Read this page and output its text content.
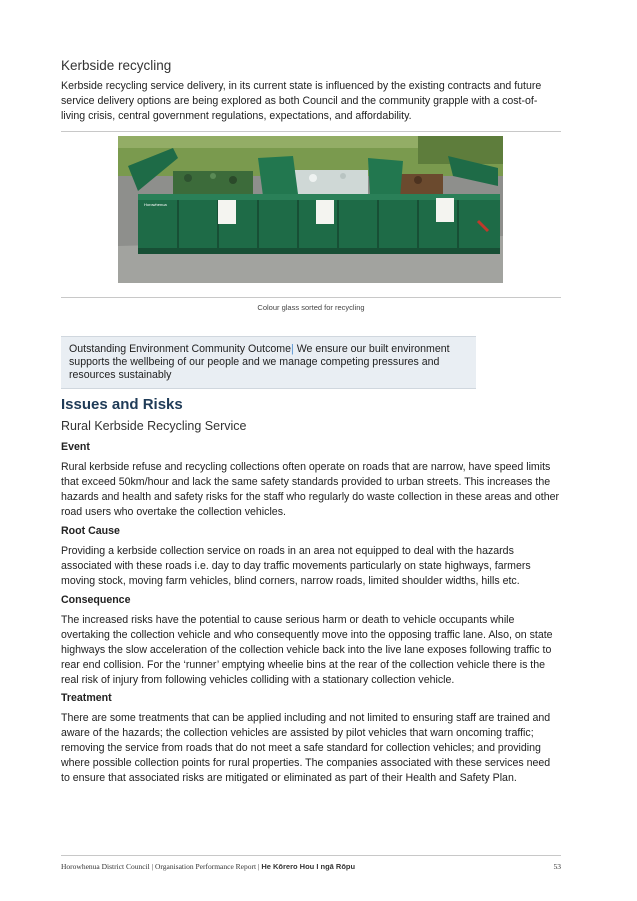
Kerbside recycling

Kerbside recycling service delivery, in its current state is influenced by the existing contracts and future service delivery options are being explored as both Council and the community grapple with a cost-of-living crisis, central government regulations, expectations, and affordability.

Horowhenua
Colour glass sorted for recycling
Outstanding Environment Community Outcome| We ensure our built environment supports the wellbeing of our people and we manage competing pressures and resources sustainably
Issues and Risks
Rural Kerbside Recycling Service
Event

Rural kerbside refuse and recycling collections often operate on roads that are narrow, have speed limits that exceed 50km/hour and lack the same safety standards provided to urban streets. This increases the hazards and health and safety risks for the staff who regularly do waste collection in these areas and other road users who overtake the collection vehicles.

Root Cause

Providing a kerbside collection service on roads in an area not equipped to deal with the hazards associated with these roads i.e. day to day traffic movements particularly on state highways, farmers moving stock, moving farm vehicles, blind corners, narrow roads, limited shoulder widths, hills etc.

Consequence

The increased risks have the potential to cause serious harm or death to vehicle occupants while overtaking the collection vehicle and who consequently move into the opposing traffic lane. Also, on state highways the slow acceleration of the collection vehicle back into the live lane exposes following traffic to rear end collision. For the ‘runner’ emptying wheelie bins at the rear of the collection vehicle there is the real risk of injury from following vehicles colliding with a stationary collection vehicle.

Treatment

There are some treatments that can be applied including and not limited to ensuring staff are trained and aware of the hazards; the collection vehicles are assisted by pilot vehicles that warn oncoming traffic; removing the service from roads that do not meet a safe standard for collection vehicles; and providing where possible collection points for rural properties. The companies associated with these services need to ensure that associated risks are mitigated or eliminated as part of their Health and Safety Plan.

Horowhenua District Council | Organisation Performance Report | He Kōrero Hou I ngā Rōpu	53
